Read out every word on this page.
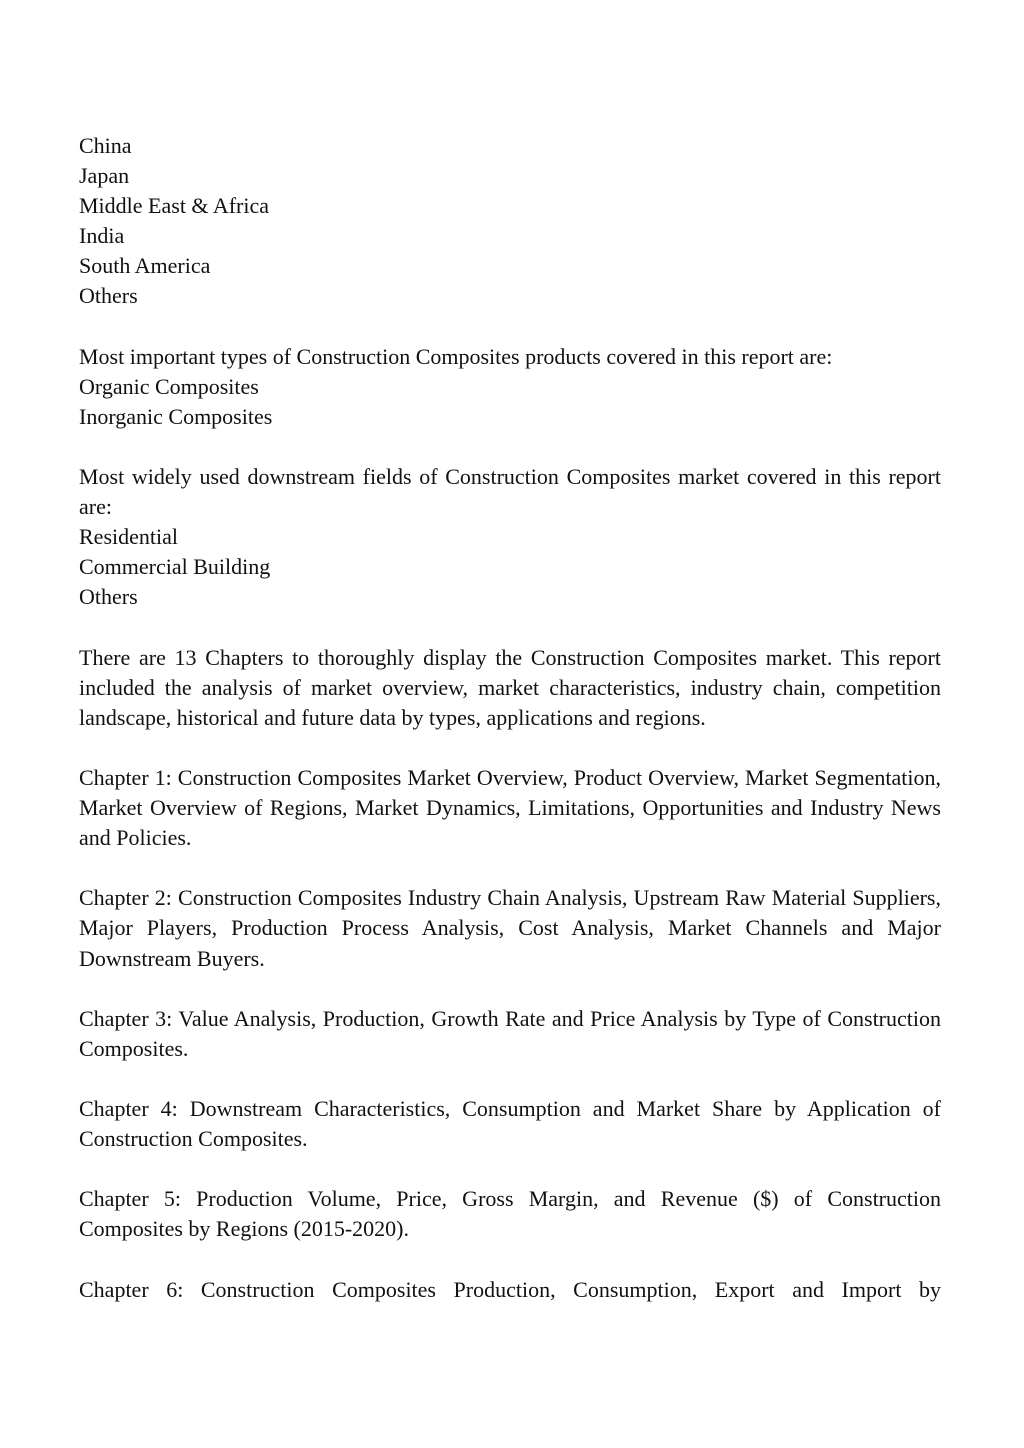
China
Japan
Middle East & Africa
India
South America
Others
Most important types of Construction Composites products covered in this report are:
Organic Composites
Inorganic Composites

Most widely used downstream fields of Construction Composites market covered in this report are:

Residential
Commercial Building
Others

There are 13 Chapters to thoroughly display the Construction Composites market. This report included the analysis of market overview, market characteristics, industry chain, competition landscape, historical and future data by types, applications and regions.

Chapter 1: Construction Composites Market Overview, Product Overview, Market Segmentation, Market Overview of Regions, Market Dynamics, Limitations, Opportunities and Industry News and Policies.

Chapter 2: Construction Composites Industry Chain Analysis, Upstream Raw Material Suppliers, Major Players, Production Process Analysis, Cost Analysis, Market Channels and Major Downstream Buyers.

Chapter 3: Value Analysis, Production, Growth Rate and Price Analysis by Type of Construction Composites.

Chapter 4: Downstream Characteristics, Consumption and Market Share by Application of Construction Composites.

Chapter 5: Production Volume, Price, Gross Margin, and Revenue ($) of Construction Composites by Regions (2015-2020).

Chapter 6: Construction Composites Production, Consumption, Export and Import by
